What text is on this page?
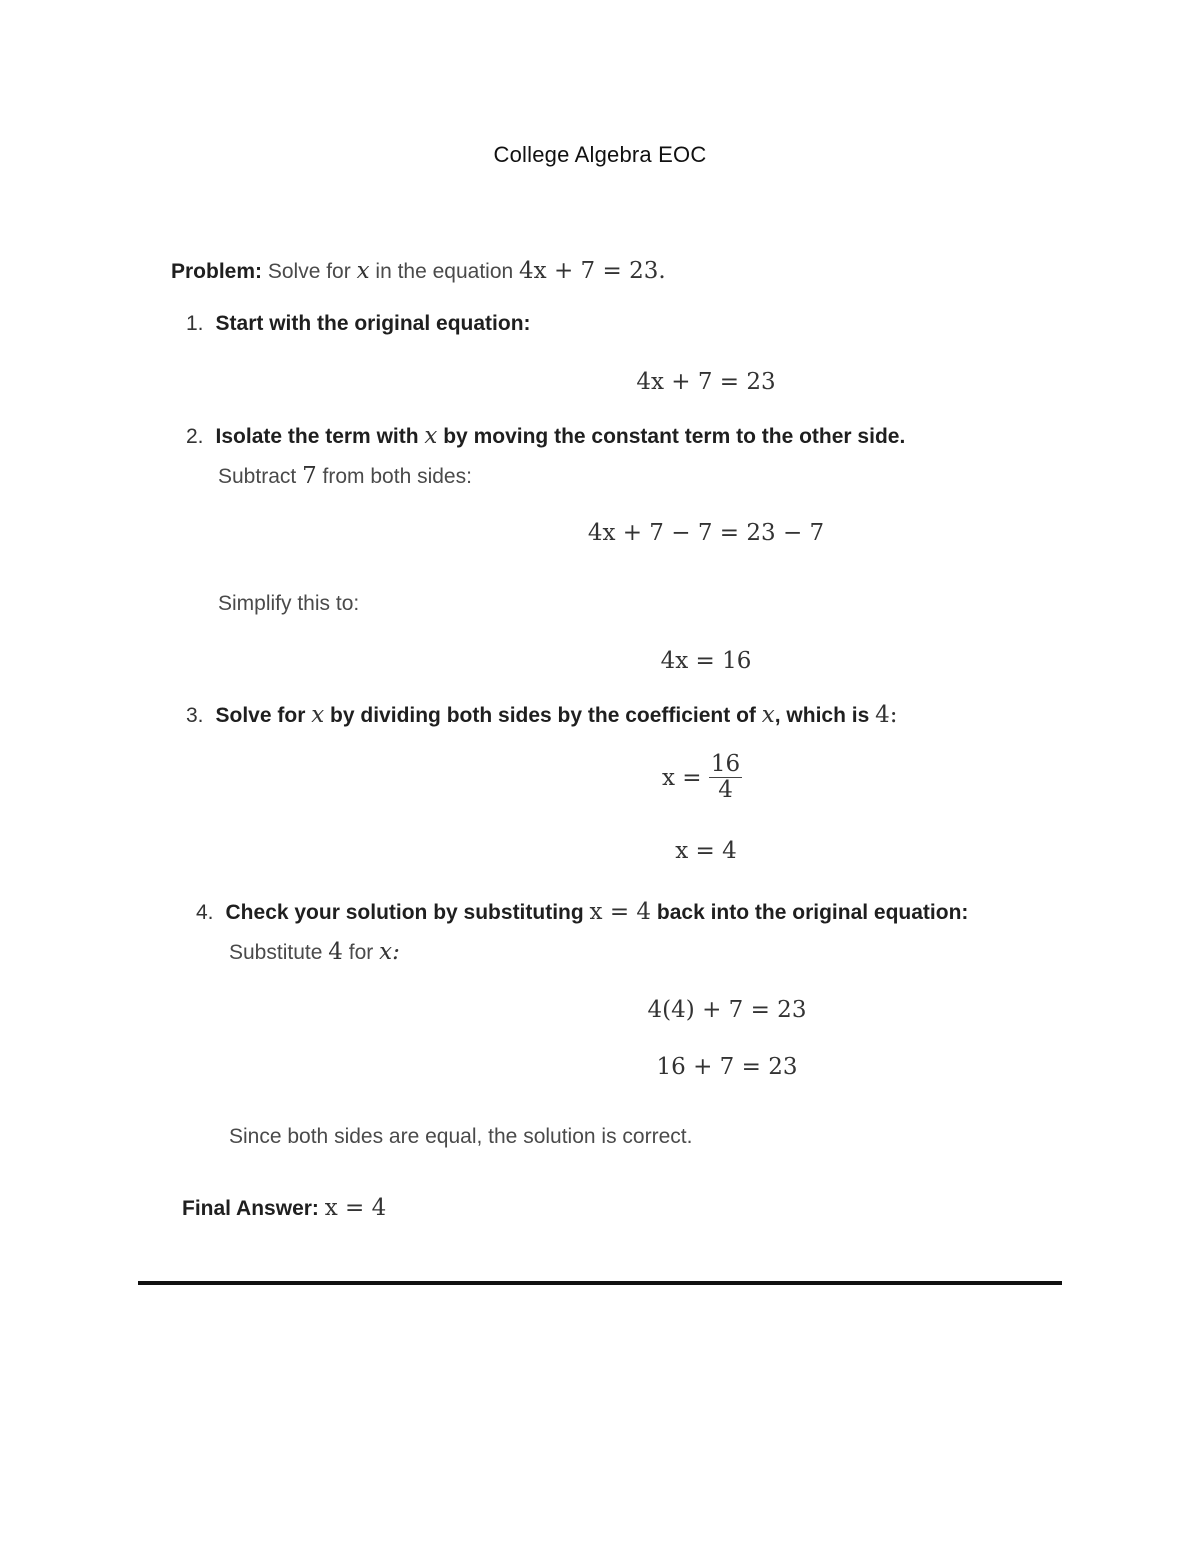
College Algebra EOC
Problem: Solve for x in the equation 4x + 7 = 23.
1. Start with the original equation:
4x + 7 = 23
2. Isolate the term with x by moving the constant term to the other side.
Subtract 7 from both sides:
4x + 7 − 7 = 23 − 7
Simplify this to:
4x = 16
3. Solve for x by dividing both sides by the coefficient of x, which is 4:
$x = \frac{16}{4}$
x = 4
4. Check your solution by substituting x = 4 back into the original equation:
Substitute 4 for x:
4(4) + 7 = 23
16 + 7 = 23
Since both sides are equal, the solution is correct.
Final Answer: x = 4
